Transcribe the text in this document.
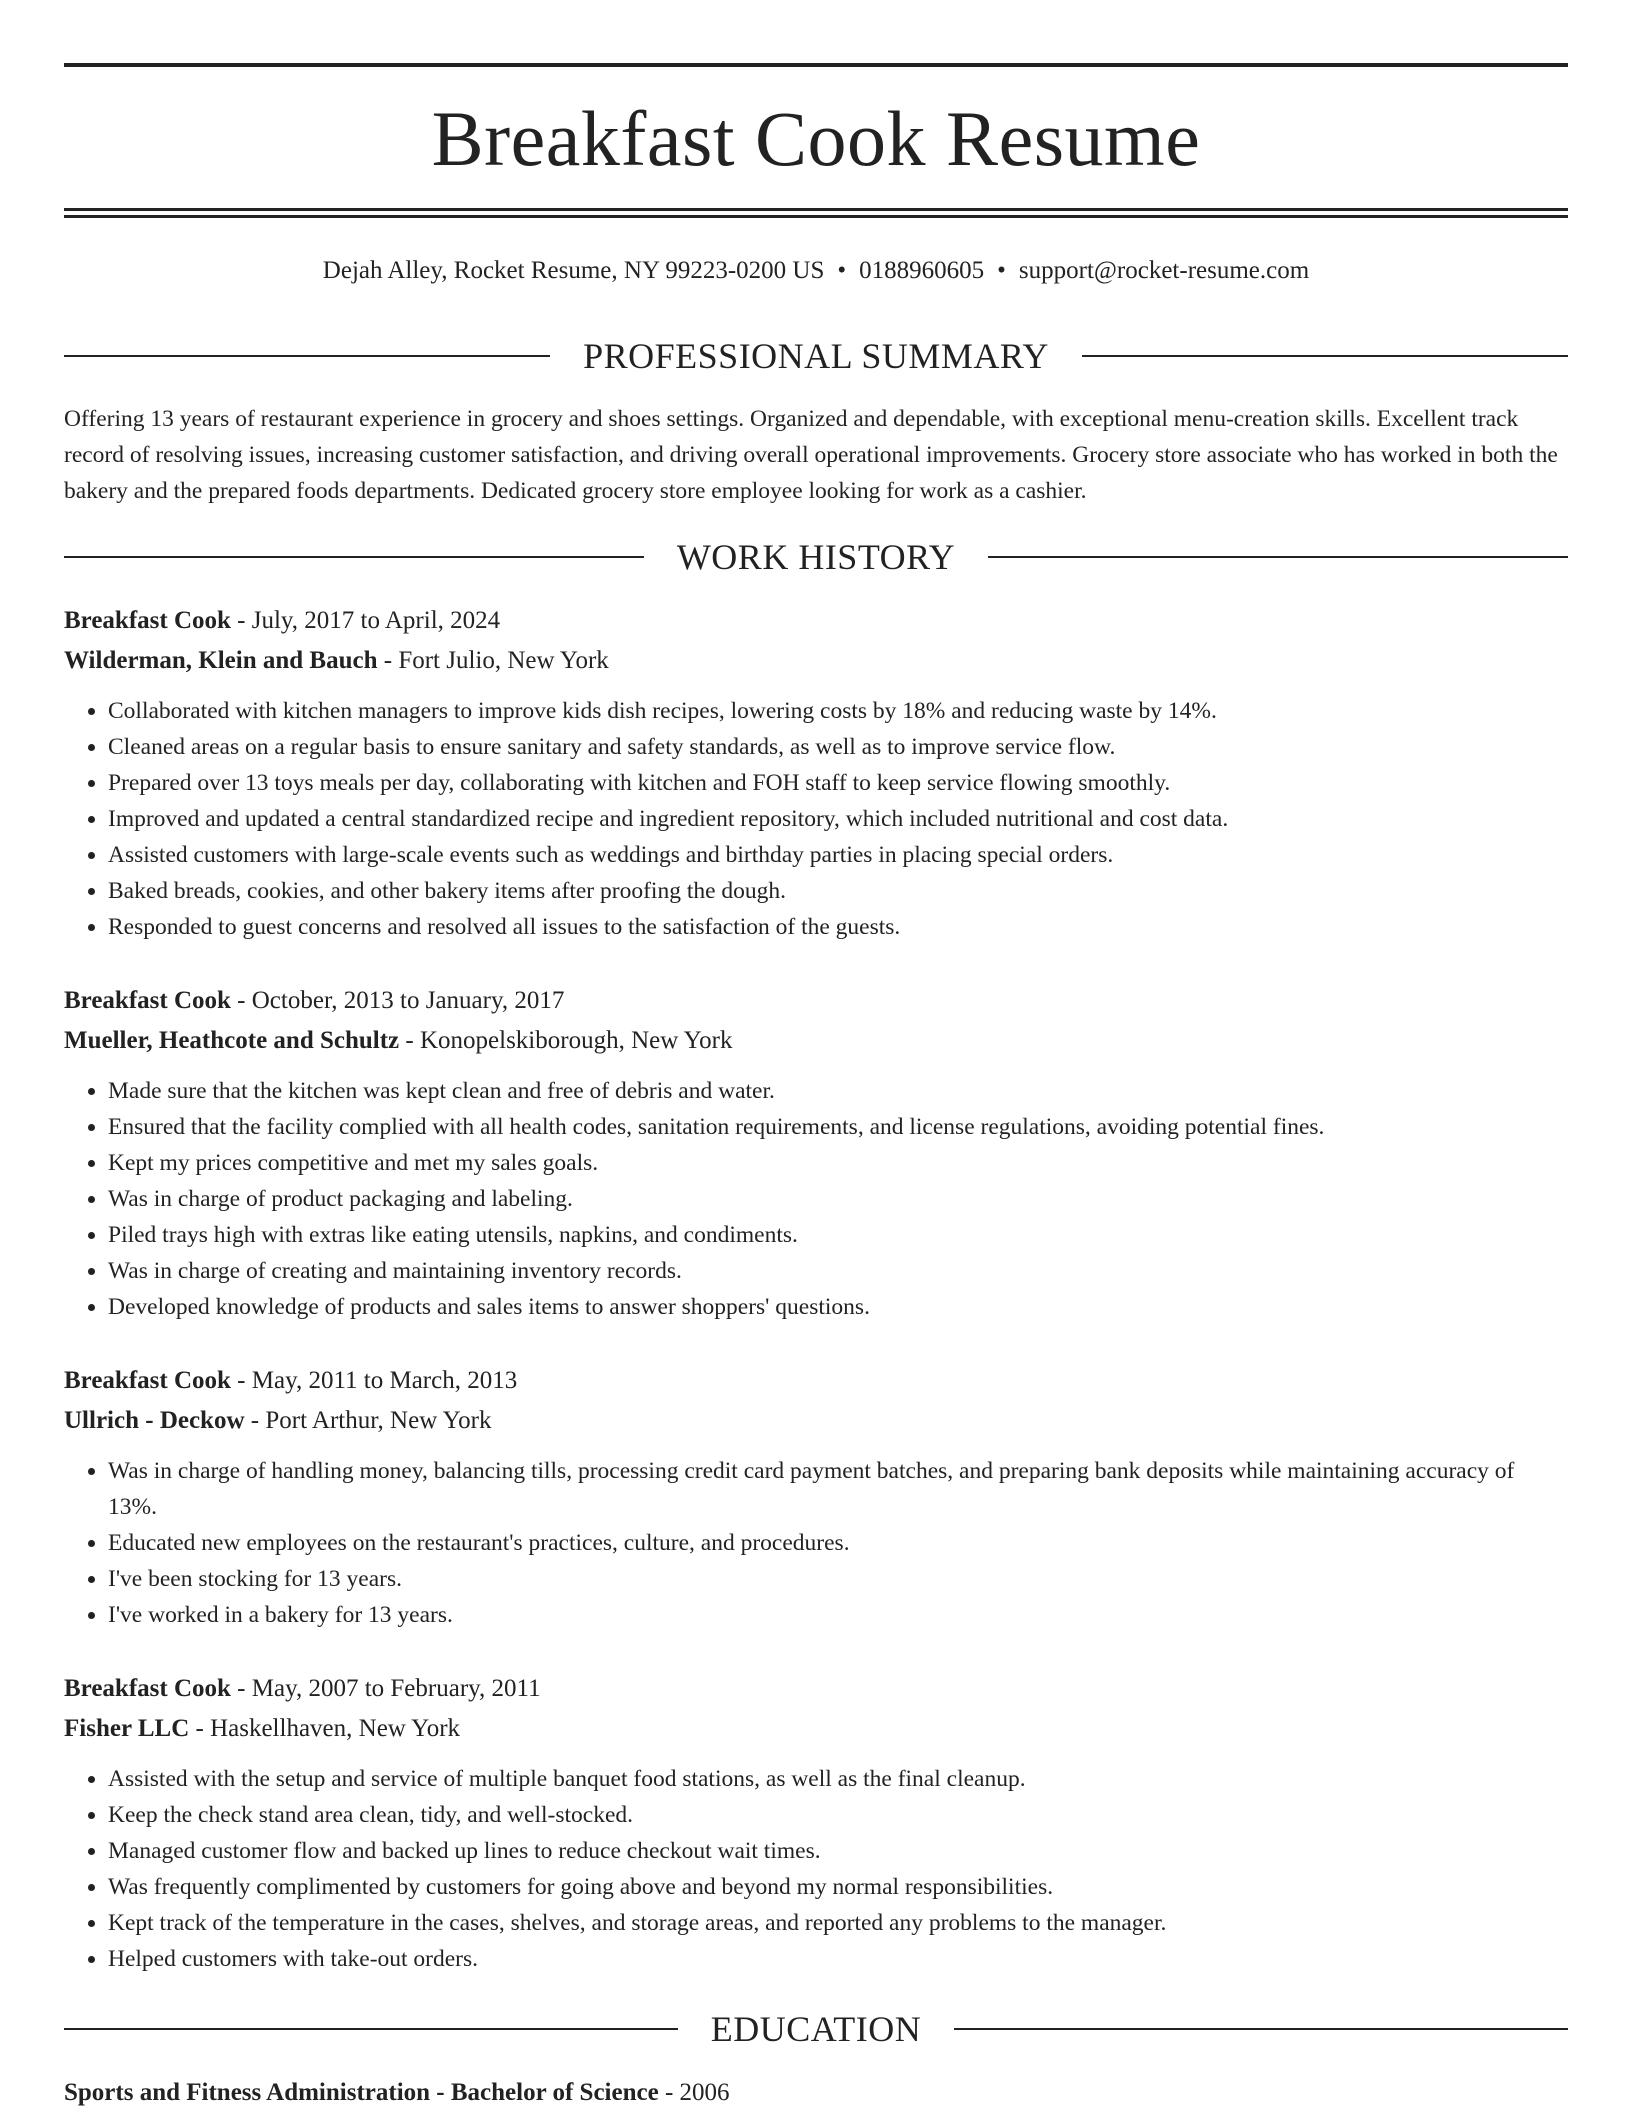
Breakfast Cook Resume
Dejah Alley, Rocket Resume, NY 99223-0200 US • 0188960605 • support@rocket-resume.com
PROFESSIONAL SUMMARY

Offering 13 years of restaurant experience in grocery and shoes settings. Organized and dependable, with exceptional menu-creation skills. Excellent track record of resolving issues, increasing customer satisfaction, and driving overall operational improvements. Grocery store associate who has worked in both the bakery and the prepared foods departments. Dedicated grocery store employee looking for work as a cashier.

WORK HISTORY
Breakfast Cook - July, 2017 to April, 2024
Wilderman, Klein and Bauch - Fort Julio, New York
• Collaborated with kitchen managers to improve kids dish recipes, lowering costs by 18% and reducing waste by 14%.
• Cleaned areas on a regular basis to ensure sanitary and safety standards, as well as to improve service flow.
• Prepared over 13 toys meals per day, collaborating with kitchen and FOH staff to keep service flowing smoothly.
• Improved and updated a central standardized recipe and ingredient repository, which included nutritional and cost data.
• Assisted customers with large-scale events such as weddings and birthday parties in placing special orders.
• Baked breads, cookies, and other bakery items after proofing the dough.
• Responded to guest concerns and resolved all issues to the satisfaction of the guests.
Breakfast Cook - October, 2013 to January, 2017
Mueller, Heathcote and Schultz - Konopelskiborough, New York
• Made sure that the kitchen was kept clean and free of debris and water.
• Ensured that the facility complied with all health codes, sanitation requirements, and license regulations, avoiding potential fines.
• Kept my prices competitive and met my sales goals.
• Was in charge of product packaging and labeling.
• Piled trays high with extras like eating utensils, napkins, and condiments.
• Was in charge of creating and maintaining inventory records.
• Developed knowledge of products and sales items to answer shoppers' questions.
Breakfast Cook - May, 2011 to March, 2013
Ullrich - Deckow - Port Arthur, New York
• Was in charge of handling money, balancing tills, processing credit card payment batches, and preparing bank deposits while maintaining accuracy of 13%.
• Educated new employees on the restaurant's practices, culture, and procedures.
• I've been stocking for 13 years.
• I've worked in a bakery for 13 years.
Breakfast Cook - May, 2007 to February, 2011
Fisher LLC - Haskellhaven, New York
• Assisted with the setup and service of multiple banquet food stations, as well as the final cleanup.
• Keep the check stand area clean, tidy, and well-stocked.
• Managed customer flow and backed up lines to reduce checkout wait times.
• Was frequently complimented by customers for going above and beyond my normal responsibilities.
• Kept track of the temperature in the cases, shelves, and storage areas, and reported any problems to the manager.
• Helped customers with take-out orders.
EDUCATION
Sports and Fitness Administration - Bachelor of Science - 2006
